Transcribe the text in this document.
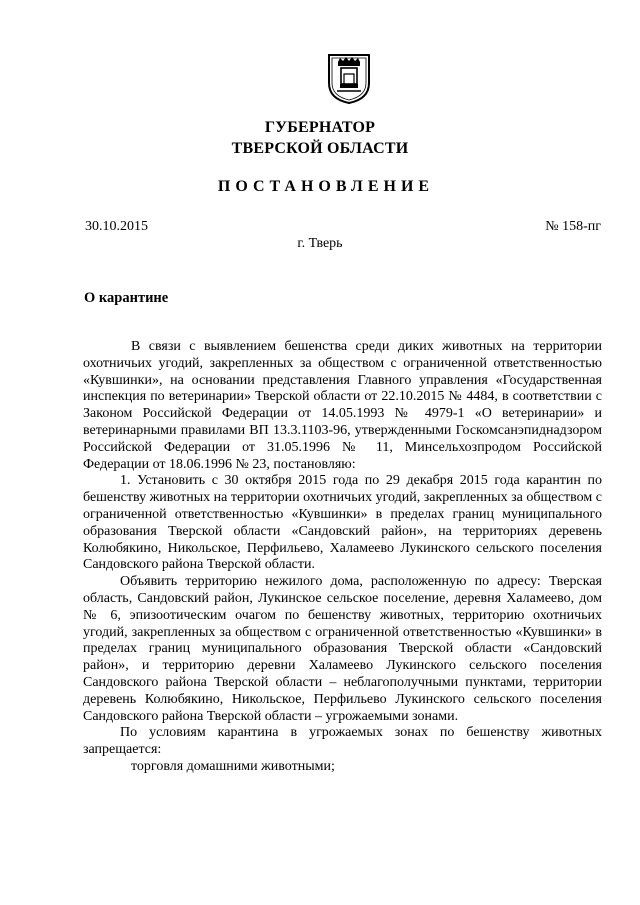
ГУБЕРНАТОР
ТВЕРСКОЙ ОБЛАСТИ
ПОСТАНОВЛЕНИЕ
30.10.2015	№ 158-пг
г. Тверь
О карантине

В связи с выявлением бешенства среди диких животных на территории охотничьих угодий, закрепленных за обществом с ограниченной ответственностью «Кувшинки», на основании представления Главного управления «Государственная инспекция по ветеринарии» Тверской области от 22.10.2015 № 4484, в соответствии с Законом Российской Федерации от 14.05.1993 № 4979-1 «О ветеринарии» и ветеринарными правилами ВП 13.3.1103-96, утвержденными Госкомсанэпиднадзором Российской Федерации от 31.05.1996 № 11, Минсельхозпродом Российской Федерации от 18.06.1996 № 23, постановляю:

1. Установить с 30 октября 2015 года по 29 декабря 2015 года карантин по бешенству животных на территории охотничьих угодий, закрепленных за обществом с ограниченной ответственностью «Кувшинки» в пределах границ муниципального образования Тверской области «Сандовский район», на территориях деревень Колюбякино, Никольское, Перфильево, Халамеево Лукинского сельского поселения Сандовского района Тверской области.

Объявить территорию нежилого дома, расположенную по адресу: Тверская область, Сандовский район, Лукинское сельское поселение, деревня Халамеево, дом № 6, эпизоотическим очагом по бешенству животных, территорию охотничьих угодий, закрепленных за обществом с ограниченной ответственностью «Кувшинки» в пределах границ муниципального образования Тверской области «Сандовский район», и территорию деревни Халамеево Лукинского сельского поселения Сандовского района Тверской области – неблагополучными пунктами, территории деревень Колюбякино, Никольское, Перфильево Лукинского сельского поселения Сандовского района Тверской области – угрожаемыми зонами.

По условиям карантина в угрожаемых зонах по бешенству животных запрещается:

торговля домашними животными;
